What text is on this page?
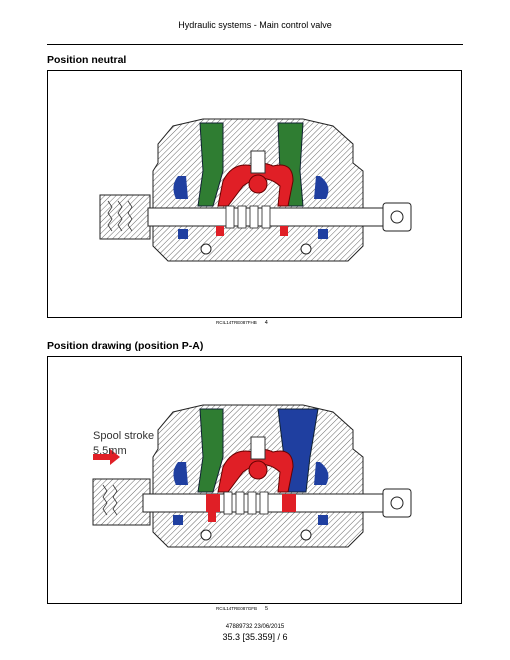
Hydraulic systems - Main control valve
Position neutral
RCIL14TRE087FHB 4
Position drawing (position P-A)
Spool stroke
5.5mm
RCIL14TRE087GFB 5
47889732 23/06/2015
35.3 [35.359] / 6
